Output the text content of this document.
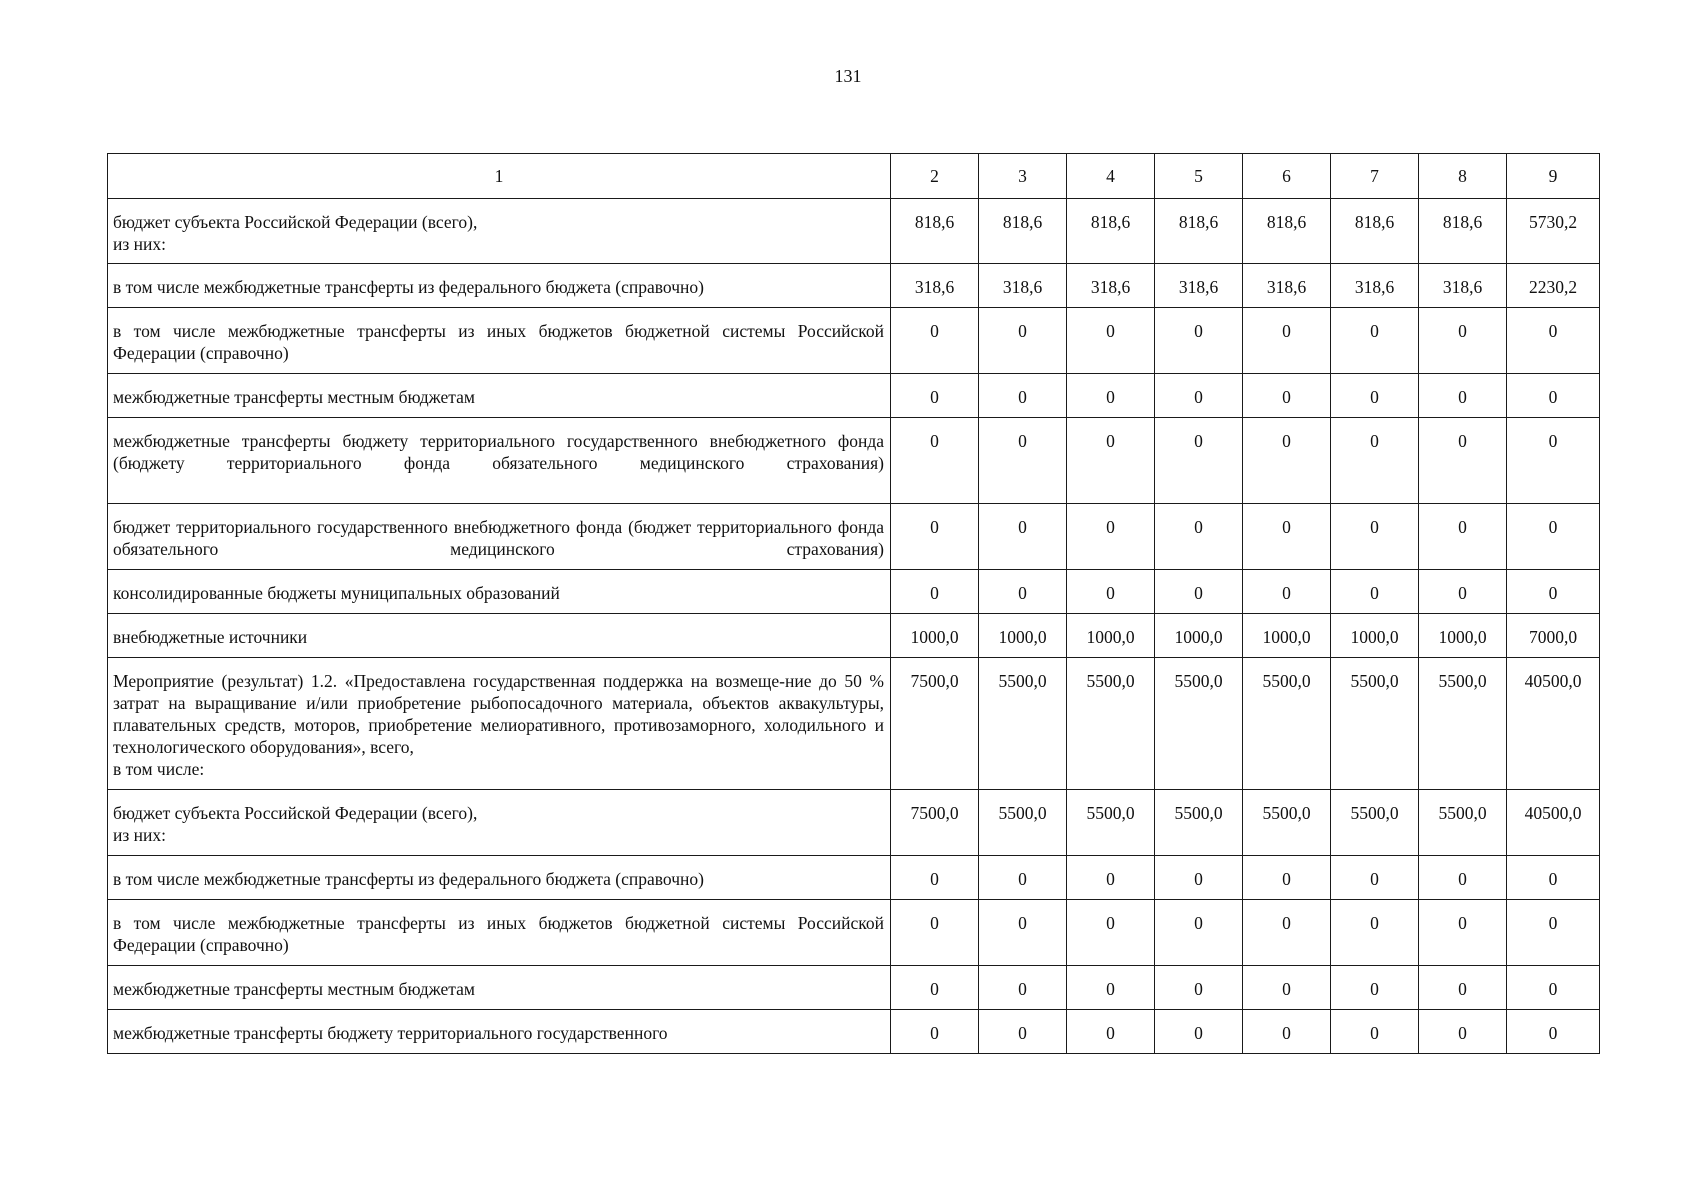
131
1	2	3	4	5	6	7	8	9

бюджет субъекта Российской Федерации (всего),
из них:	818,6	818,6	818,6	818,6	818,6	818,6	818,6	5730,2

в том числе межбюджетные трансферты из федерального бюджета (справочно)	318,6	318,6	318,6	318,6	318,6	318,6	318,6	2230,2

в том числе межбюджетные трансферты из иных бюджетов бюджетной системы Российской Федерации (справочно)	0	0	0	0	0	0	0	0

межбюджетные трансферты местным бюджетам	0	0	0	0	0	0	0	0

межбюджетные трансферты бюджету территориального государственного внебюджетного фонда (бюджету территориального фонда обязательного медицинского страхования)	0	0	0	0	0	0	0	0

бюджет территориального государственного внебюджетного фонда (бюджет территориального фонда обязательного медицинского страхования)	0	0	0	0	0	0	0	0

консолидированные бюджеты муниципальных образований	0	0	0	0	0	0	0	0

внебюджетные источники	1000,0	1000,0	1000,0	1000,0	1000,0	1000,0	1000,0	7000,0

Мероприятие (результат) 1.2. «Предоставлена государственная поддержка на возмеще-ние до 50 % затрат на выращивание и/или приобретение рыбопосадочного материала, объектов аквакультуры, плавательных средств, моторов, приобретение мелиоративного, противозаморного, холодильного и технологического оборудования», всего,
в том числе:	7500,0	5500,0	5500,0	5500,0	5500,0	5500,0	5500,0	40500,0

бюджет субъекта Российской Федерации (всего),
из них:	7500,0	5500,0	5500,0	5500,0	5500,0	5500,0	5500,0	40500,0

в том числе межбюджетные трансферты из федерального бюджета (справочно)	0	0	0	0	0	0	0	0

в том числе межбюджетные трансферты из иных бюджетов бюджетной системы Российской Федерации (справочно)	0	0	0	0	0	0	0	0

межбюджетные трансферты местным бюджетам	0	0	0	0	0	0	0	0

межбюджетные трансферты бюджету территориального государственного	0	0	0	0	0	0	0	0
